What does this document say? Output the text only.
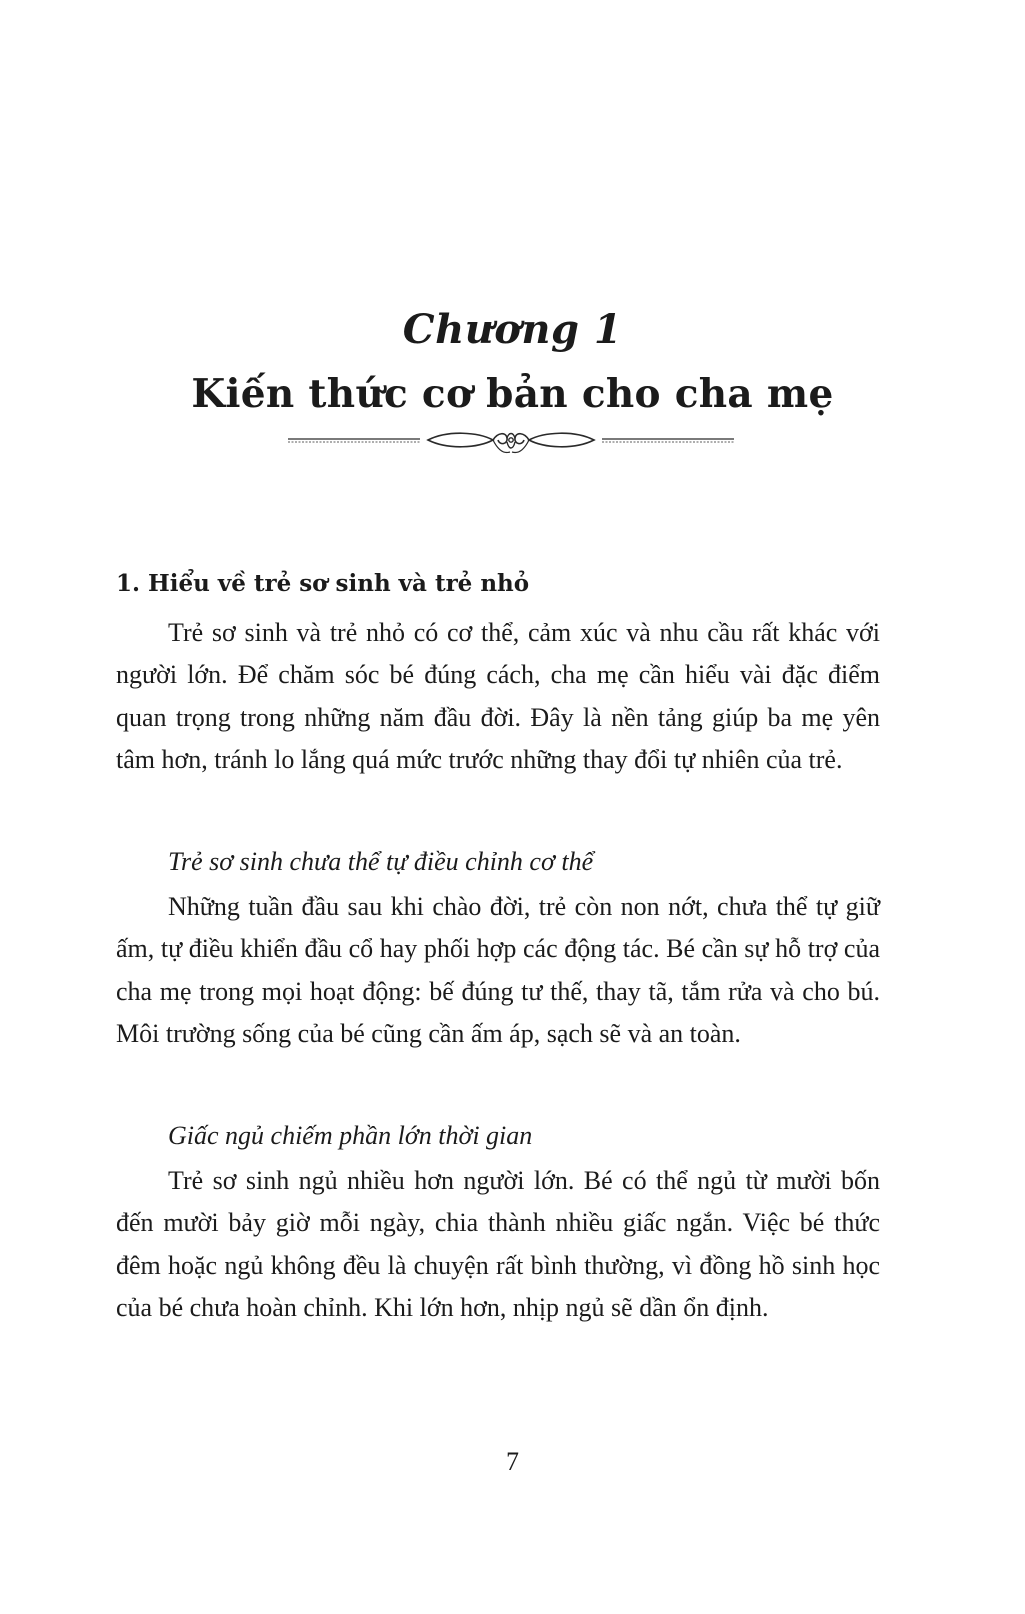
Chương 1
Kiến thức cơ bản cho cha mẹ
1. Hiểu về trẻ sơ sinh và trẻ nhỏ

Trẻ sơ sinh và trẻ nhỏ có cơ thể, cảm xúc và nhu cầu rất khác với người lớn. Để chăm sóc bé đúng cách, cha mẹ cần hiểu vài đặc điểm quan trọng trong những năm đầu đời. Đây là nền tảng giúp ba mẹ yên tâm hơn, tránh lo lắng quá mức trước những thay đổi tự nhiên của trẻ.

Trẻ sơ sinh chưa thể tự điều chỉnh cơ thể

Những tuần đầu sau khi chào đời, trẻ còn non nớt, chưa thể tự giữ ấm, tự điều khiển đầu cổ hay phối hợp các động tác. Bé cần sự hỗ trợ của cha mẹ trong mọi hoạt động: bế đúng tư thế, thay tã, tắm rửa và cho bú. Môi trường sống của bé cũng cần ấm áp, sạch sẽ và an toàn.

Giấc ngủ chiếm phần lớn thời gian

Trẻ sơ sinh ngủ nhiều hơn người lớn. Bé có thể ngủ từ mười bốn đến mười bảy giờ mỗi ngày, chia thành nhiều giấc ngắn. Việc bé thức đêm hoặc ngủ không đều là chuyện rất bình thường, vì đồng hồ sinh học của bé chưa hoàn chỉnh. Khi lớn hơn, nhịp ngủ sẽ dần ổn định.

7
